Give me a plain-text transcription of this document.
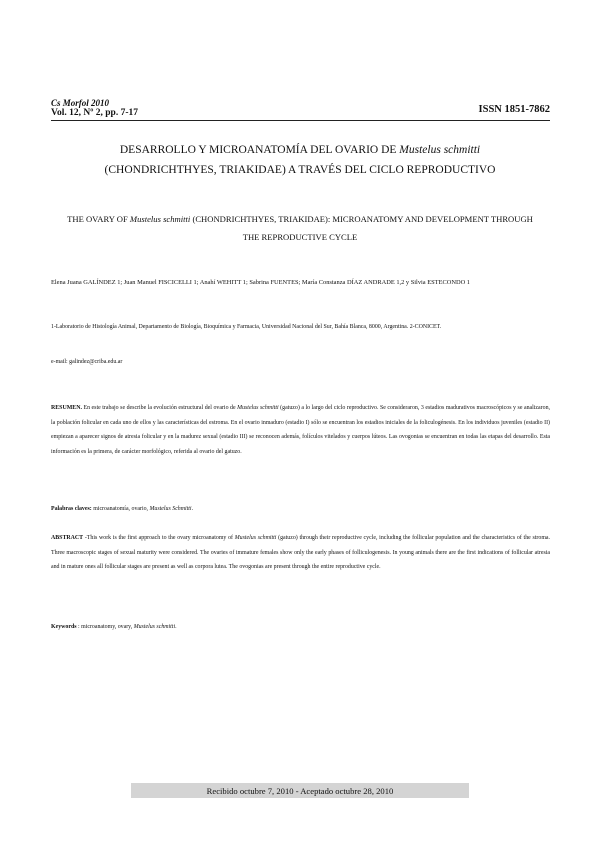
Cs Morfol 2010
Vol. 12, Nº 2, pp. 7-17	ISSN 1851-7862
DESARROLLO Y MICROANATOMÍA DEL OVARIO DE Mustelus schmitti
(CHONDRICHTHYES, TRIAKIDAE) A TRAVÉS DEL CICLO REPRODUCTIVO
THE OVARY OF Mustelus schmitti (CHONDRICHTHYES, TRIAKIDAE): MICROANATOMY AND DEVELOPMENT THROUGH THE REPRODUCTIVE CYCLE
Elena Juana GALÍNDEZ 1; Juan Manuel FISCICELLI 1; Anahí WEHITT 1; Sabrina FUENTES; María Constanza DÍAZ ANDRADE 1,2 y Silvia ESTECONDO 1
1-Laboratorio de Histología Animal, Departamento de Biología, Bioquímica y Farmacia, Universidad Nacional del Sur, Bahía Blanca, 8000, Argentina. 2-CONICET.
e-mail: galindez@criba.edu.ar
RESUMEN. En este trabajo se describe la evolución estructural del ovario de Mustelus schmitti (gatuzo) a lo largo del ciclo reproductivo. Se consideraron, 3 estadios madurativos macroscópicos y se analizaron, la población folicular en cada uno de ellos y las características del estroma. En el ovario inmaduro (estadio I) sólo se encuentran los estadios iniciales de la foliculogénesis. En los individuos juveniles (estadio II) empiezan a aparecer signos de atresia folicular y en la madurez sexual (estadio III) se reconocen además, folículos vitelados y cuerpos lúteos. Las ovogonias se encuentran en todas las etapas del desarrollo. Esta información es la primera, de carácter morfológico, referida al ovario del gatuzo.
Palabras claves: microanatomía, ovario, Mustelus Schmitti.
ABSTRACT -This work is the first approach to the ovary microanatomy of Mustelus schmitti (gatuzo) through their reproductive cycle, including the follicular population and the characteristics of the stroma. Three macroscopic stages of sexual maturity were considered. The ovaries of immature females show only the early phases of folliculogenesis. In young animals there are the first indications of follicular atresia and in mature ones all follicular stages are present as well as corpora lutea. The ovogonias are present through the entire reproductive cycle.
Keywords : microanatomy, ovary, Mustelus schmitti.
Recibido octubre 7, 2010 - Aceptado octubre 28, 2010
